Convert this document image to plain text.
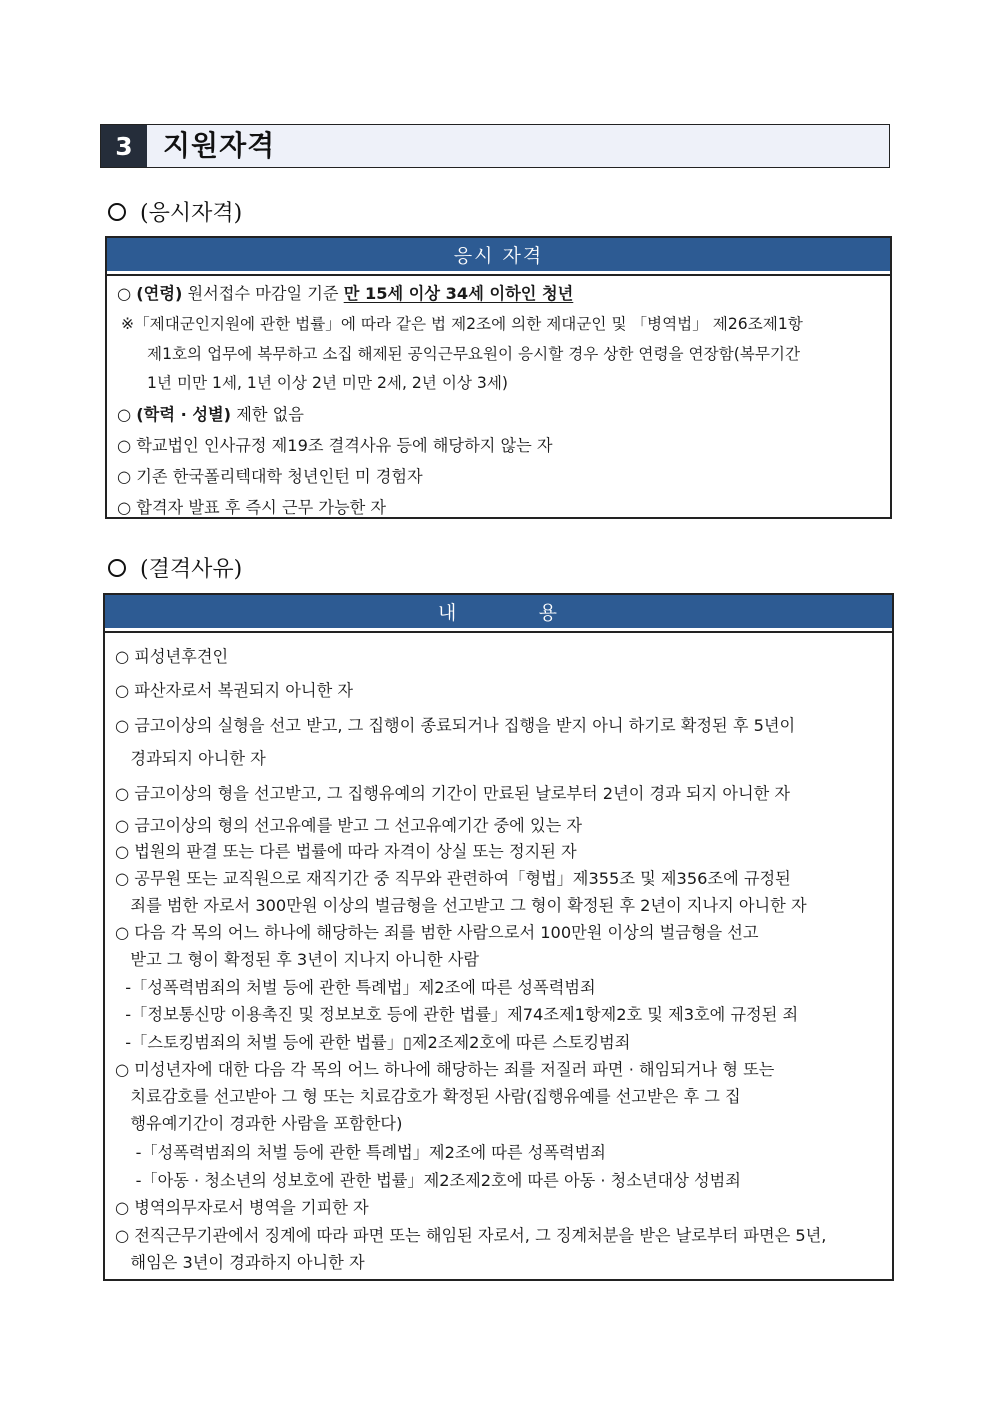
3	지원자격
(응시자격)
응시 자격
○ (연령) 원서접수 마감일 기준 만 15세 이상 34세 이하인 청년
※「제대군인지원에 관한 법률」에 따라 같은 법 제2조에 의한 제대군인 및 「병역법」 제26조제1항
제1호의 업무에 복무하고 소집 해제된 공익근무요원이 응시할 경우 상한 연령을 연장함(복무기간
1년 미만 1세, 1년 이상 2년 미만 2세, 2년 이상 3세)
○ (학력 · 성별) 제한 없음
○ 학교법인 인사규정 제19조 결격사유 등에 해당하지 않는 자
○ 기존 한국폴리텍대학 청년인턴 미 경험자
○ 합격자 발표 후 즉시 근무 가능한 자
(결격사유)
내          용
○ 피성년후견인
○ 파산자로서 복권되지 아니한 자
○ 금고이상의 실형을 선고 받고, 그 집행이 종료되거나 집행을 받지 아니 하기로 확정된 후 5년이
경과되지 아니한 자
○ 금고이상의 형을 선고받고, 그 집행유예의 기간이 만료된 날로부터 2년이 경과 되지 아니한 자
○ 금고이상의 형의 선고유예를 받고 그 선고유예기간 중에 있는 자
○ 법원의 판결 또는 다른 법률에 따라 자격이 상실 또는 정지된 자
○ 공무원 또는 교직원으로 재직기간 중 직무와 관련하여「형법」제355조 및 제356조에 규정된
죄를 범한 자로서 300만원 이상의 벌금형을 선고받고 그 형이 확정된 후 2년이 지나지 아니한 자
○ 다음 각 목의 어느 하나에 해당하는 죄를 범한 사람으로서 100만원 이상의 벌금형을 선고
받고 그 형이 확정된 후 3년이 지나지 아니한 사람
-「성폭력범죄의 처벌 등에 관한 특례법」제2조에 따른 성폭력범죄
-「정보통신망 이용촉진 및 정보보호 등에 관한 법률」제74조제1항제2호 및 제3호에 규정된 죄
-「스토킹범죄의 처벌 등에 관한 법률」▯제2조제2호에 따른 스토킹범죄
○ 미성년자에 대한 다음 각 목의 어느 하나에 해당하는 죄를 저질러 파면 · 해임되거나 형 또는
치료감호를 선고받아 그 형 또는 치료감호가 확정된 사람(집행유예를 선고받은 후 그 집
행유예기간이 경과한 사람을 포함한다)
-「성폭력범죄의 처벌 등에 관한 특례법」제2조에 따른 성폭력범죄
-「아동 · 청소년의 성보호에 관한 법률」제2조제2호에 따른 아동 · 청소년대상 성범죄
○ 병역의무자로서 병역을 기피한 자
○ 전직근무기관에서 징계에 따라 파면 또는 해임된 자로서, 그 징계처분을 받은 날로부터 파면은 5년,
해임은 3년이 경과하지 아니한 자
